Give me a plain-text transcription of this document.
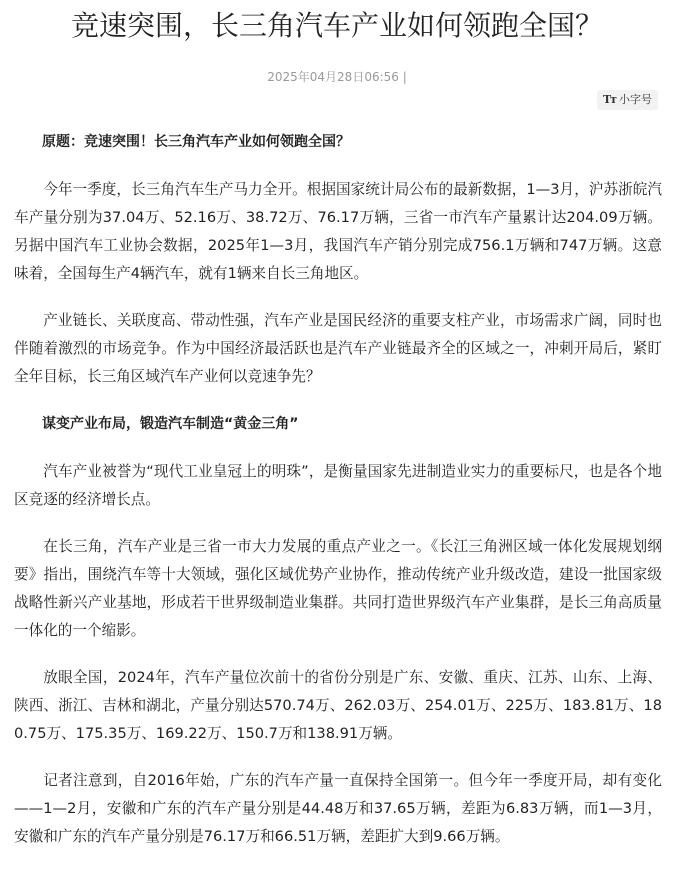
竞速突围，长三角汽车产业如何领跑全国？
2025年04月28日06:56 |
Tт 小字号

原题：竞速突围！长三角汽车产业如何领跑全国？

今年一季度，长三角汽车生产马力全开。根据国家统计局公布的最新数据，1—3月，沪苏浙皖汽车产量分别为37.04万、52.16万、38.72万、76.17万辆，三省一市汽车产量累计达204.09万辆。另据中国汽车工业协会数据，2025年1—3月，我国汽车产销分别完成756.1万辆和747万辆。这意味着，全国每生产4辆汽车，就有1辆来自长三角地区。

产业链长、关联度高、带动性强，汽车产业是国民经济的重要支柱产业，市场需求广阔，同时也伴随着激烈的市场竞争。作为中国经济最活跃也是汽车产业链最齐全的区域之一，冲刺开局后，紧盯全年目标，长三角区域汽车产业何以竞速争先？

谋变产业布局，锻造汽车制造“黄金三角”

汽车产业被誉为“现代工业皇冠上的明珠”，是衡量国家先进制造业实力的重要标尺，也是各个地区竞逐的经济增长点。

在长三角，汽车产业是三省一市大力发展的重点产业之一。《长江三角洲区域一体化发展规划纲要》指出，围绕汽车等十大领域，强化区域优势产业协作，推动传统产业升级改造，建设一批国家级战略性新兴产业基地，形成若干世界级制造业集群。共同打造世界级汽车产业集群，是长三角高质量一体化的一个缩影。

放眼全国，2024年，汽车产量位次前十的省份分别是广东、安徽、重庆、江苏、山东、上海、陕西、浙江、吉林和湖北，产量分别达570.74万、262.03万、254.01万、225万、183.81万、180.75万、175.35万、169.22万、150.7万和138.91万辆。

记者注意到，自2016年始，广东的汽车产量一直保持全国第一。但今年一季度开局，却有变化——1—2月，安徽和广东的汽车产量分别是44.48万和37.65万辆，差距为6.83万辆，而1—3月，安徽和广东的汽车产量分别是76.17万和66.51万辆，差距扩大到9.66万辆。
